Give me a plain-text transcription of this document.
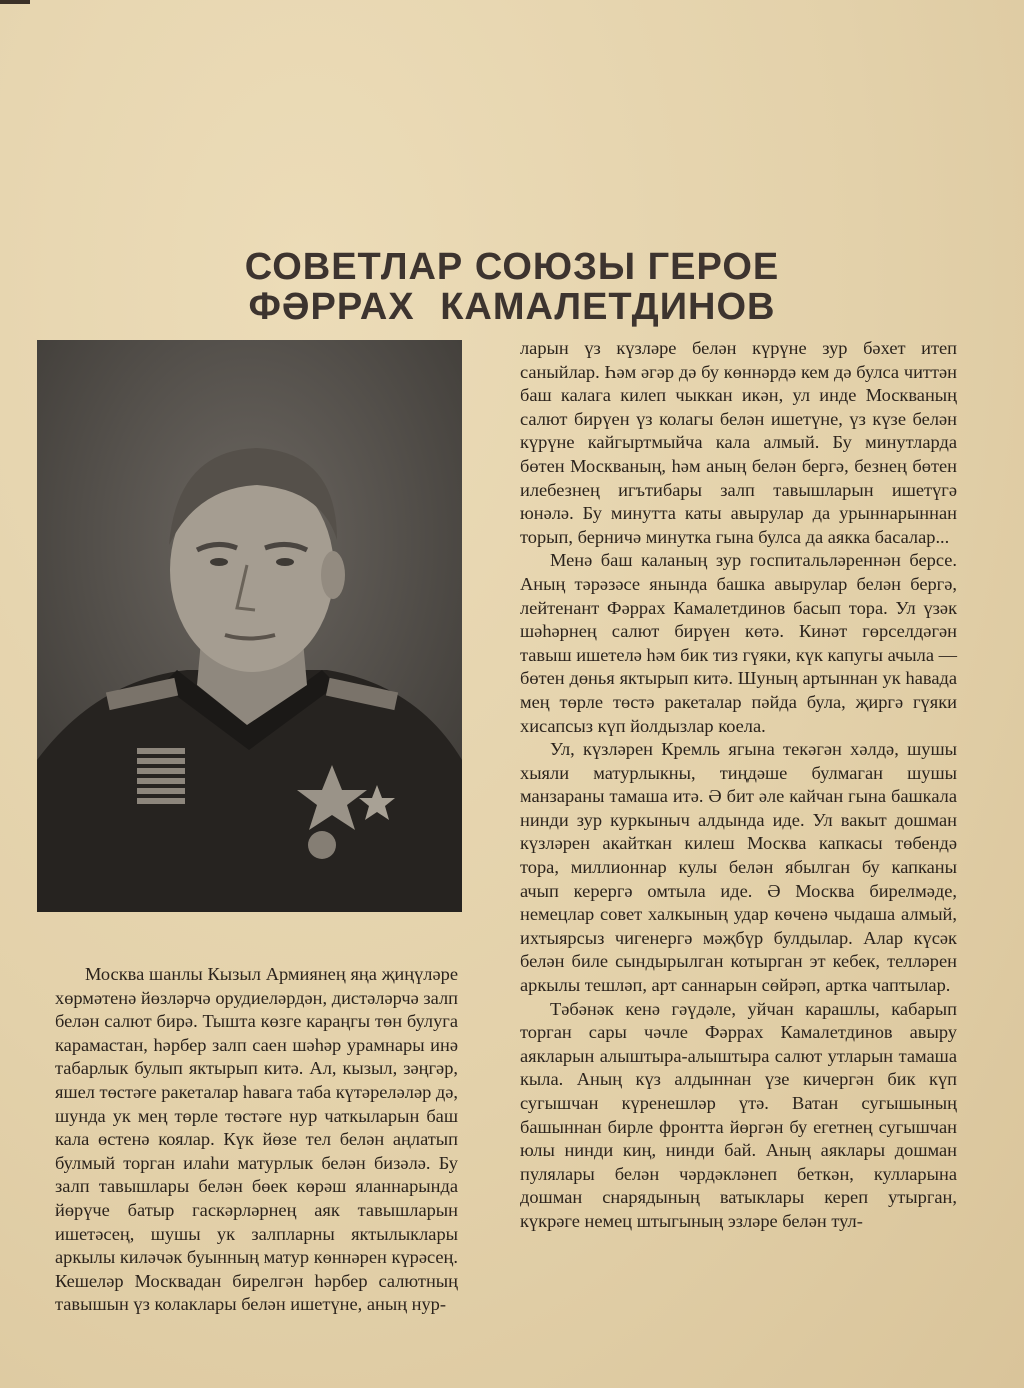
СОВЕТЛАР СОЮЗЫ ГЕРОЕ
ФӘРРАХ КАМАЛЕТДИНОВ

Москва шанлы Кызыл Армиянең яңа җиңүләре хөрмәтенә йөзләрчә орудиеләрдән, дистәләрчә залп белән салют бирә. Тышта көзге караңгы төн булуга карамастан, һәрбер залп саен шәһәр урамнары инә табарлык булып яктырып китә. Ал, кызыл, зәңгәр, яшел төстәге ракеталар һавага таба күтәреләләр дә, шунда ук мең төрле төстәге нур чаткыларын баш кала өстенә коялар. Күк йөзе тел белән аңлатып булмый торган илаһи матурлык белән бизәлә. Бу залп тавышлары белән бөек көрәш яланнарында йөрүче батыр гаскәрләрнең аяк тавышларын ишетәсең, шушы ук залпларны яктылыклары аркылы киләчәк буынның матур көннәрен күрәсең. Кешеләр Москвадан бирелгән һәрбер салютның тавышын үз колаклары белән ишетүне, аның нур-

ларын үз күзләре белән күрүне зур бәхет итеп саныйлар. Һәм әгәр дә бу көннәрдә кем дә булса читтән баш калага килеп чыккан икән, ул инде Москваның салют бирүен үз колагы белән ишетүне, үз күзе белән күрүне кайгыртмыйча кала алмый. Бу минутларда бөтен Москваның, һәм аның белән бергә, безнең бөтен илебезнең игътибары залп тавышларын ишетүгә юнәлә. Бу минутта каты авырулар да урыннарыннан торып, берничә минутка гына булса да аякка басалар...

Менә баш каланың зур госпитальләреннән берсе. Аның тәрәзәсе янында башка авырулар белән бергә, лейтенант Фәррах Камалетдинов басып тора. Ул үзәк шәһәрнең салют бирүен көтә. Кинәт гөрселдәгән тавыш ишетелә һәм бик тиз гүяки, күк капугы ачыла — бөтен дөнья яктырып китә. Шуның артыннан ук һавада мең төрле төстә ракеталар пәйда була, җиргә гүяки хисапсыз күп йолдызлар коела.

Ул, күзләрен Кремль ягына текәгән хәлдә, шушы хыяли матурлыкны, тиңдәше булмаган шушы манзараны тамаша итә. Ә бит әле кайчан гына башкала нинди зур куркыныч алдында иде. Ул вакыт дошман күзләрен акайткан килеш Москва капкасы төбендә тора, миллионнар кулы белән ябылган бу капканы ачып керергә омтыла иде. Ә Москва бирелмәде, немецлар совет халкының удар көченә чыдаша алмый, ихтыярсыз чигенергә мәҗбүр булдылар. Алар күсәк белән биле сындырылган котырган эт кебек, телләрен аркылы тешләп, арт саннарын сөйрәп, артка чаптылар.

Тәбәнәк кенә гәүдәле, уйчан карашлы, кабарып торган сары чәчле Фәррах Камалетдинов авыру аякларын алыштыра-алыштыра салют утларын тамаша кыла. Аның күз алдыннан үзе кичергән бик күп сугышчан күренешләр үтә. Ватан сугышының башыннан бирле фронтта йөргән бу егетнең сугышчан юлы нинди киң, нинди бай. Аның аяклары дошман пулялары белән чәрдәкләнеп беткән, кулларына дошман снарядының ватыклары кереп утырган, күкрәге немец штыгының эзләре белән тул-
